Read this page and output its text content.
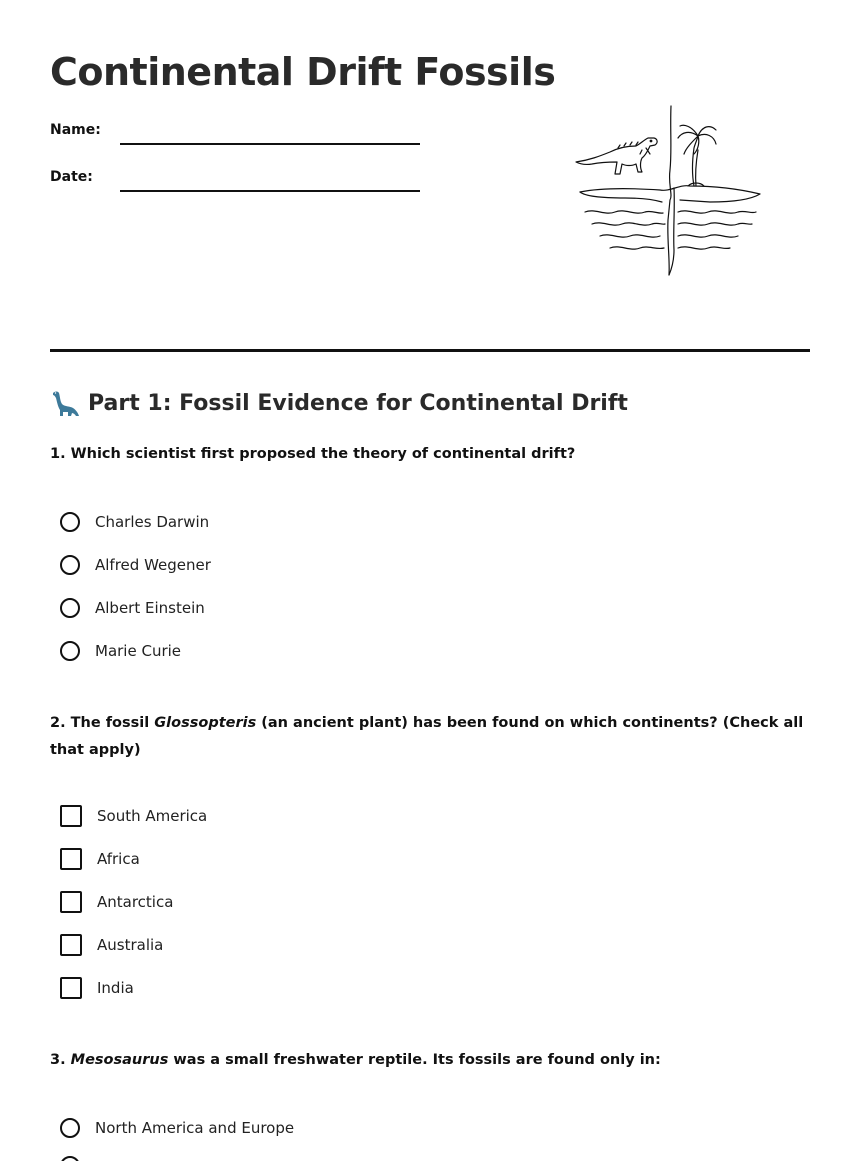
Continental Drift Fossils
Name:
Date:
Part 1: Fossil Evidence for Continental Drift

1. Which scientist first proposed the theory of continental drift?

Charles Darwin
Alfred Wegener
Albert Einstein
Marie Curie

2. The fossil Glossopteris (an ancient plant) has been found on which continents? (Check all that apply)

South America
Africa
Antarctica
Australia
India

3. Mesosaurus was a small freshwater reptile. Its fossils are found only in:

North America and Europe
